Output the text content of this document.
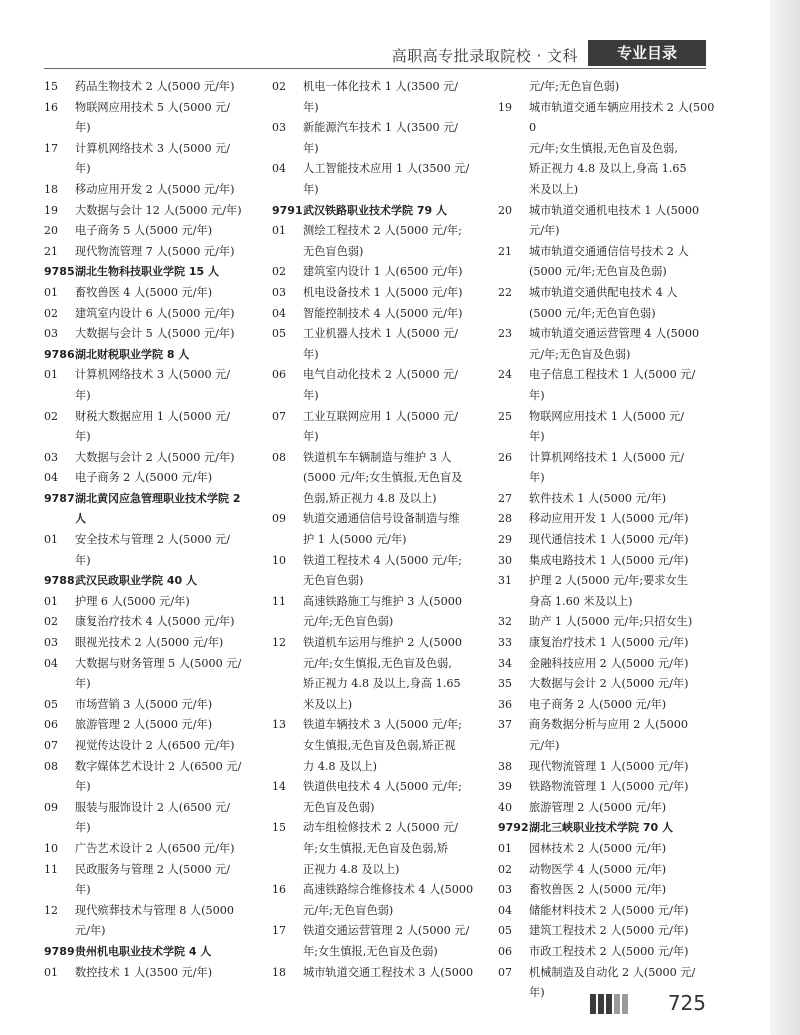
高职高专批录取院校 · 文科	专业目录
15	药品生物技术 2 人(5000 元/年)
16	物联网应用技术 5 人(5000 元/
年)
17	计算机网络技术 3 人(5000 元/
年)
18	移动应用开发 2 人(5000 元/年)
19	大数据与会计 12 人(5000 元/年)
20	电子商务 5 人(5000 元/年)
21	现代物流管理 7 人(5000 元/年)
9785 湖北生物科技职业学院 15 人
01	畜牧兽医 4 人(5000 元/年)
02	建筑室内设计 6 人(5000 元/年)
03	大数据与会计 5 人(5000 元/年)
9786 湖北财税职业学院 8 人
01	计算机网络技术 3 人(5000 元/
年)
02	财税大数据应用 1 人(5000 元/
年)
03	大数据与会计 2 人(5000 元/年)
04	电子商务 2 人(5000 元/年)
9787 湖北黄冈应急管理职业技术学院 2
人
01	安全技术与管理 2 人(5000 元/
年)
9788 武汉民政职业学院 40 人
01	护理 6 人(5000 元/年)
02	康复治疗技术 4 人(5000 元/年)
03	眼视光技术 2 人(5000 元/年)
04	大数据与财务管理 5 人(5000 元/
年)
05	市场营销 3 人(5000 元/年)
06	旅游管理 2 人(5000 元/年)
07	视觉传达设计 2 人(6500 元/年)
08	数字媒体艺术设计 2 人(6500 元/
年)
09	服装与服饰设计 2 人(6500 元/
年)
10	广告艺术设计 2 人(6500 元/年)
11	民政服务与管理 2 人(5000 元/
年)
12	现代殡葬技术与管理 8 人(5000
元/年)
9789 贵州机电职业技术学院 4 人
01	数控技术 1 人(3500 元/年)
02	机电一体化技术 1 人(3500 元/
年)
03	新能源汽车技术 1 人(3500 元/
年)
04	人工智能技术应用 1 人(3500 元/
年)
9791 武汉铁路职业技术学院 79 人
01	测绘工程技术 2 人(5000 元/年;
无色盲色弱)
02	建筑室内设计 1 人(6500 元/年)
03	机电设备技术 1 人(5000 元/年)
04	智能控制技术 4 人(5000 元/年)
05	工业机器人技术 1 人(5000 元/
年)
06	电气自动化技术 2 人(5000 元/
年)
07	工业互联网应用 1 人(5000 元/
年)
08	铁道机车车辆制造与维护 3 人
(5000 元/年;女生慎报,无色盲及
色弱,矫正视力 4.8 及以上)
09	轨道交通通信信号设备制造与维
护 1 人(5000 元/年)
10	铁道工程技术 4 人(5000 元/年;
无色盲色弱)
11	高速铁路施工与维护 3 人(5000
元/年;无色盲色弱)
12	铁道机车运用与维护 2 人(5000
元/年;女生慎报,无色盲及色弱,
矫正视力 4.8 及以上,身高 1.65
米及以上)
13	铁道车辆技术 3 人(5000 元/年;
女生慎报,无色盲及色弱,矫正视
力 4.8 及以上)
14	铁道供电技术 4 人(5000 元/年;
无色盲及色弱)
15	动车组检修技术 2 人(5000 元/
年;女生慎报,无色盲及色弱,矫
正视力 4.8 及以上)
16	高速铁路综合维修技术 4 人(5000
元/年;无色盲色弱)
17	铁道交通运营管理 2 人(5000 元/
年;女生慎报,无色盲及色弱)
18	城市轨道交通工程技术 3 人(5000
元/年;无色盲色弱)
19	城市轨道交通车辆应用技术 2 人(5000
元/年;女生慎报,无色盲及色弱,
矫正视力 4.8 及以上,身高 1.65
米及以上)
20	城市轨道交通机电技术 1 人(5000
元/年)
21	城市轨道交通通信信号技术 2 人
(5000 元/年;无色盲及色弱)
22	城市轨道交通供配电技术 4 人
(5000 元/年;无色盲色弱)
23	城市轨道交通运营管理 4 人(5000
元/年;无色盲及色弱)
24	电子信息工程技术 1 人(5000 元/
年)
25	物联网应用技术 1 人(5000 元/
年)
26	计算机网络技术 1 人(5000 元/
年)
27	软件技术 1 人(5000 元/年)
28	移动应用开发 1 人(5000 元/年)
29	现代通信技术 1 人(5000 元/年)
30	集成电路技术 1 人(5000 元/年)
31	护理 2 人(5000 元/年;要求女生
身高 1.60 米及以上)
32	助产 1 人(5000 元/年;只招女生)
33	康复治疗技术 1 人(5000 元/年)
34	金融科技应用 2 人(5000 元/年)
35	大数据与会计 2 人(5000 元/年)
36	电子商务 2 人(5000 元/年)
37	商务数据分析与应用 2 人(5000
元/年)
38	现代物流管理 1 人(5000 元/年)
39	铁路物流管理 1 人(5000 元/年)
40	旅游管理 2 人(5000 元/年)
9792 湖北三峡职业技术学院 70 人
01	园林技术 2 人(5000 元/年)
02	动物医学 4 人(5000 元/年)
03	畜牧兽医 2 人(5000 元/年)
04	储能材料技术 2 人(5000 元/年)
05	建筑工程技术 2 人(5000 元/年)
06	市政工程技术 2 人(5000 元/年)
07	机械制造及自动化 2 人(5000 元/
年)	725
